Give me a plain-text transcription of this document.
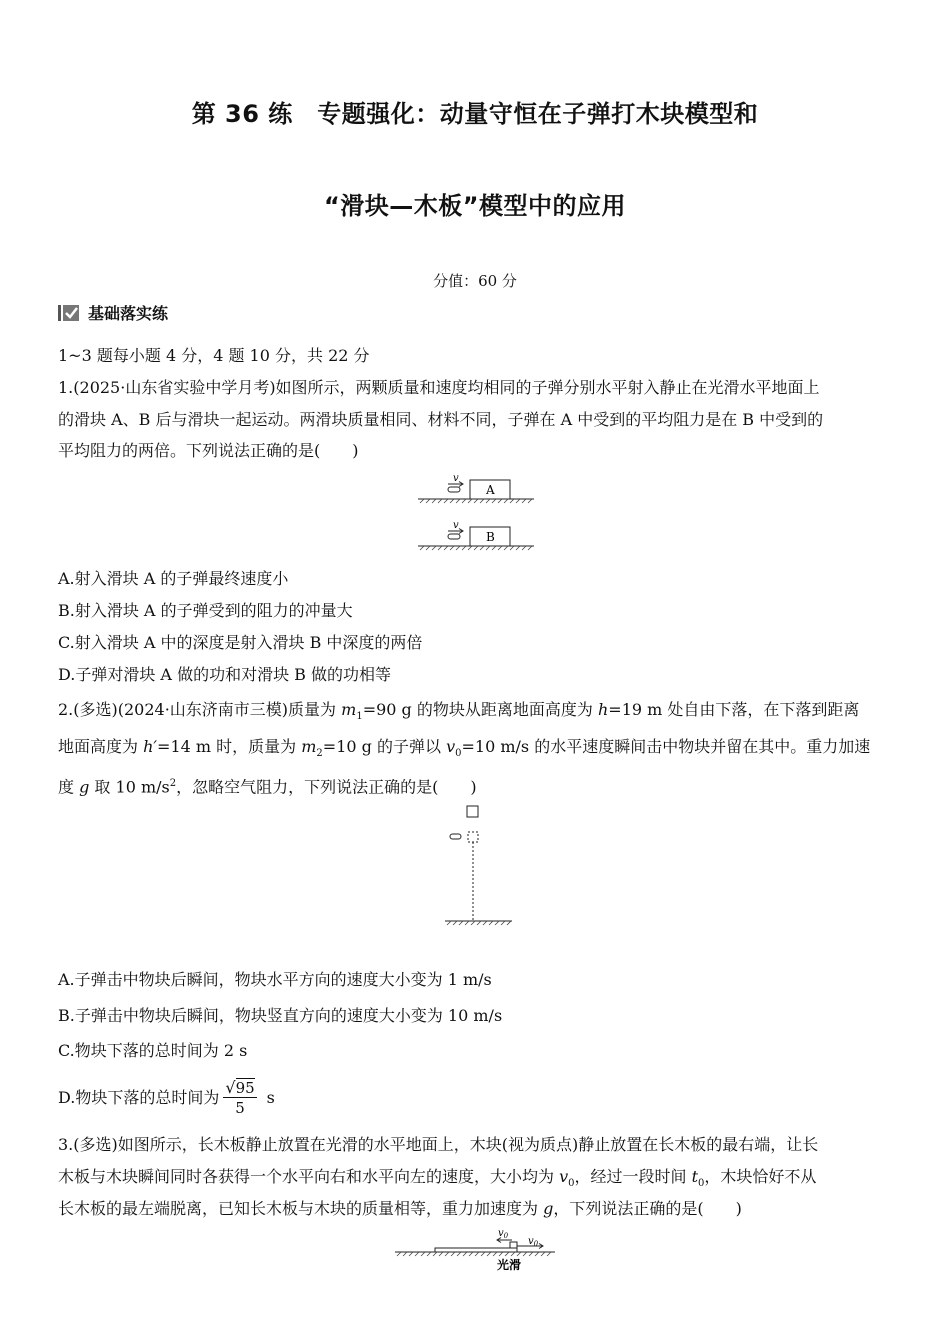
第 36 练　专题强化：动量守恒在子弹打木块模型和
“滑块—木板”模型中的应用
分值：60 分
基础落实练
1~3 题每小题 4 分，4 题 10 分，共 22 分
1.(2025·山东省实验中学月考)如图所示，两颗质量和速度均相同的子弹分别水平射入静止在光滑水平地面上
的滑块 A、B 后与滑块一起运动。两滑块质量相同、材料不同，子弹在 A 中受到的平均阻力是在 B 中受到的
平均阻力的两倍。下列说法正确的是(　　)
v
A
v
B
A.射入滑块 A 的子弹最终速度小
B.射入滑块 A 的子弹受到的阻力的冲量大
C.射入滑块 A 中的深度是射入滑块 B 中深度的两倍
D.子弹对滑块 A 做的功和对滑块 B 做的功相等
2.(多选)(2024·山东济南市三模)质量为 $m_1=90$ g 的物块从距离地面高度为 h=19 m 处自由下落，在下落到距离
地面高度为 h′=14 m 时，质量为 $m_2=10$ g 的子弹以 $v_0=10$ m/s 的水平速度瞬间击中物块并留在其中。重力加速
度 g 取 10 $m/s^2$，忽略空气阻力，下列说法正确的是(　　)
A.子弹击中物块后瞬间，物块水平方向的速度大小变为 1 m/s
B.子弹击中物块后瞬间，物块竖直方向的速度大小变为 10 m/s
C.物块下落的总时间为 2 s
D.物块下落的总时间为
√ 95
5
s
3.(多选)如图所示，长木板静止放置在光滑的水平地面上，木块(视为质点)静止放置在长木板的最右端，让长
木板与木块瞬间同时各获得一个水平向右和水平向左的速度，大小均为 $v_0$，经过一段时间 $t_0$，木块恰好不从
长木板的最左端脱离，已知长木板与木块的质量相等，重力加速度为 g，下列说法正确的是(　　)
$v_0$ $v_0$
光滑
